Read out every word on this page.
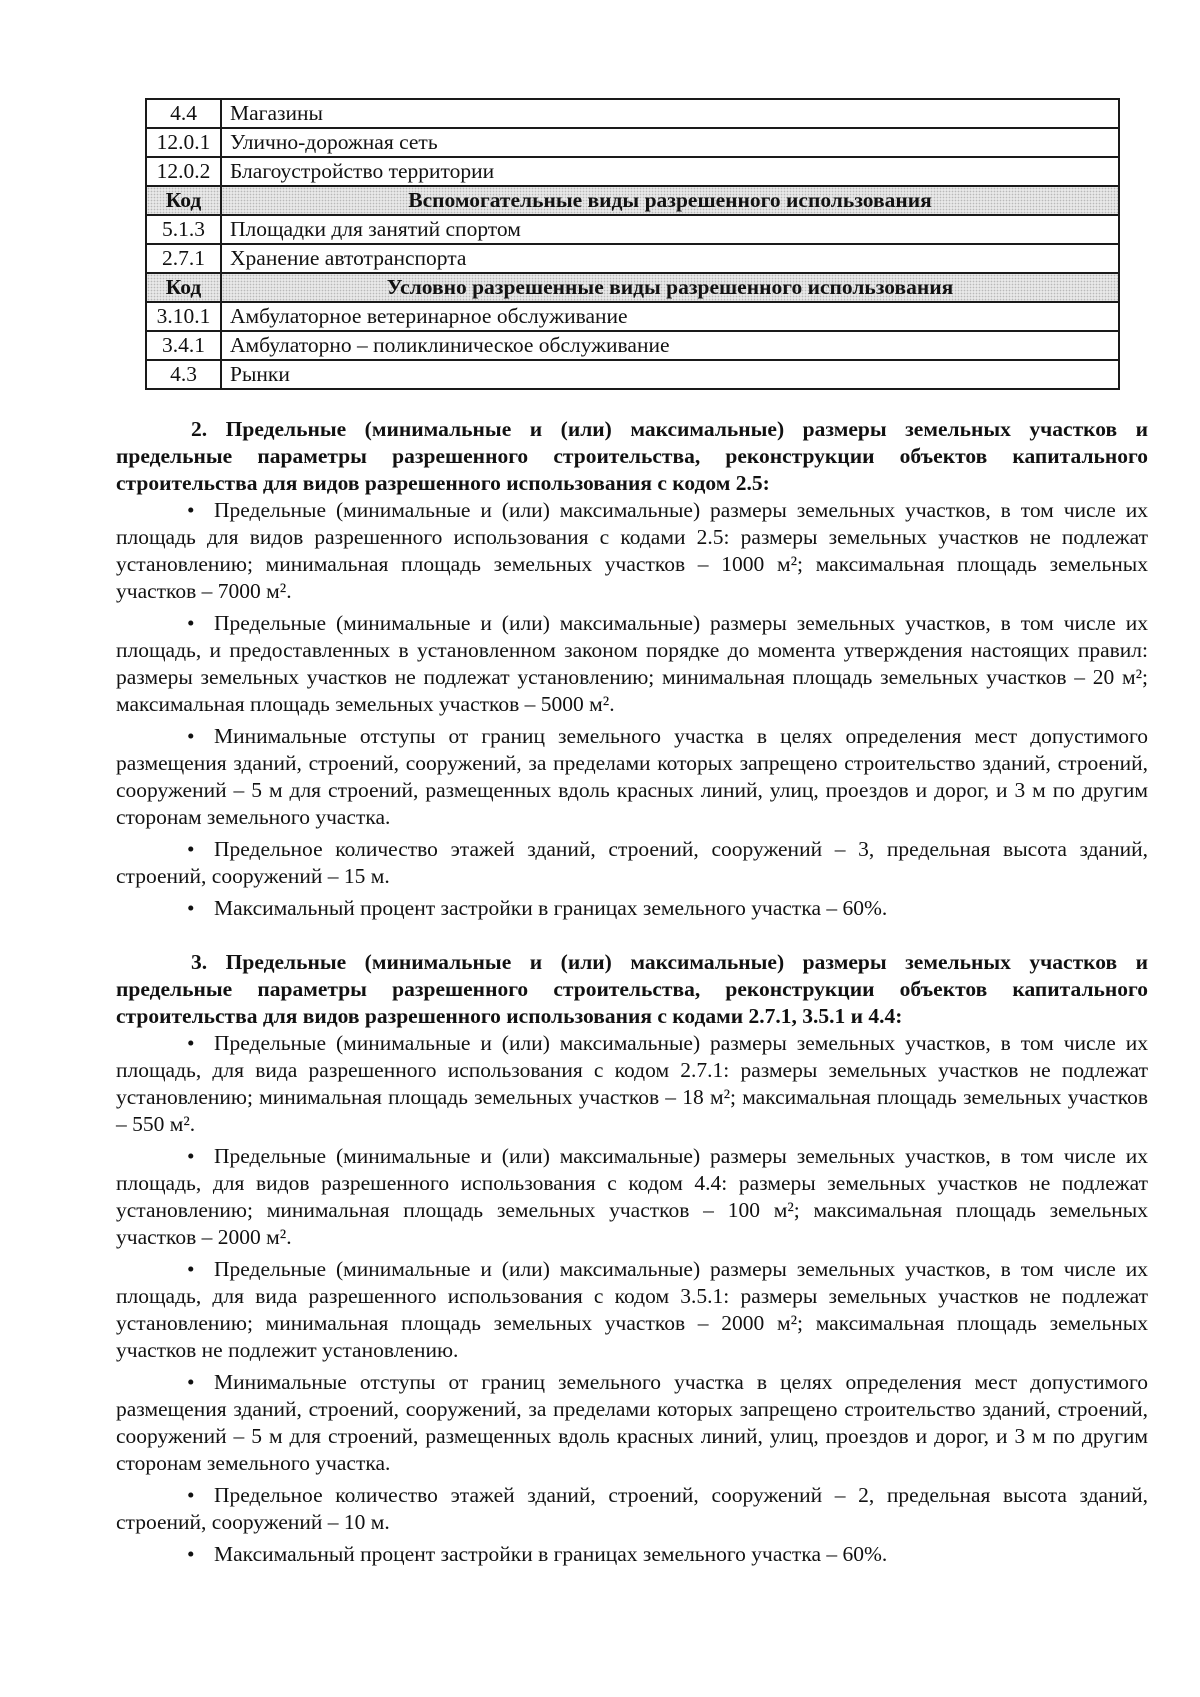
4.4	Магазины
12.0.1	Улично-дорожная сеть
12.0.2	Благоустройство территории
Код	Вспомогательные виды разрешенного использования
5.1.3	Площадки для занятий спортом
2.7.1	Хранение автотранспорта
Код	Условно разрешенные виды разрешенного использования
3.10.1	Амбулаторное ветеринарное обслуживание
3.4.1	Амбулаторно – поликлиническое обслуживание
4.3	Рынки

2. Предельные (минимальные и (или) максимальные) размеры земельных участков и предельные параметры разрешенного строительства, реконструкции объектов капитального строительства для видов разрешенного использования с кодом 2.5:

• Предельные (минимальные и (или) максимальные) размеры земельных участков, в том числе их площадь для видов разрешенного использования с кодами 2.5: размеры земельных участков не подлежат установлению; минимальная площадь земельных участков – 1000 м²; максимальная площадь земельных участков – 7000 м².

• Предельные (минимальные и (или) максимальные) размеры земельных участков, в том числе их площадь, и предоставленных в установленном законом порядке до момента утверждения настоящих правил: размеры земельных участков не подлежат установлению; минимальная площадь земельных участков – 20 м²; максимальная площадь земельных участков – 5000 м².

• Минимальные отступы от границ земельного участка в целях определения мест допустимого размещения зданий, строений, сооружений, за пределами которых запрещено строительство зданий, строений, сооружений – 5 м для строений, размещенных вдоль красных линий, улиц, проездов и дорог, и 3 м по другим сторонам земельного участка.

• Предельное количество этажей зданий, строений, сооружений – 3, предельная высота зданий, строений, сооружений – 15 м.

• Максимальный процент застройки в границах земельного участка – 60%.

3. Предельные (минимальные и (или) максимальные) размеры земельных участков и предельные параметры разрешенного строительства, реконструкции объектов капитального строительства для видов разрешенного использования с кодами 2.7.1, 3.5.1 и 4.4:

• Предельные (минимальные и (или) максимальные) размеры земельных участков, в том числе их площадь, для вида разрешенного использования с кодом 2.7.1: размеры земельных участков не подлежат установлению; минимальная площадь земельных участков – 18 м²; максимальная площадь земельных участков – 550 м².

• Предельные (минимальные и (или) максимальные) размеры земельных участков, в том числе их площадь, для видов разрешенного использования с кодом 4.4: размеры земельных участков не подлежат установлению; минимальная площадь земельных участков – 100 м²; максимальная площадь земельных участков – 2000 м².

• Предельные (минимальные и (или) максимальные) размеры земельных участков, в том числе их площадь, для вида разрешенного использования с кодом 3.5.1: размеры земельных участков не подлежат установлению; минимальная площадь земельных участков – 2000 м²; максимальная площадь земельных участков не подлежит установлению.

• Минимальные отступы от границ земельного участка в целях определения мест допустимого размещения зданий, строений, сооружений, за пределами которых запрещено строительство зданий, строений, сооружений – 5 м для строений, размещенных вдоль красных линий, улиц, проездов и дорог, и 3 м по другим сторонам земельного участка.

• Предельное количество этажей зданий, строений, сооружений – 2, предельная высота зданий, строений, сооружений – 10 м.

• Максимальный процент застройки в границах земельного участка – 60%.
